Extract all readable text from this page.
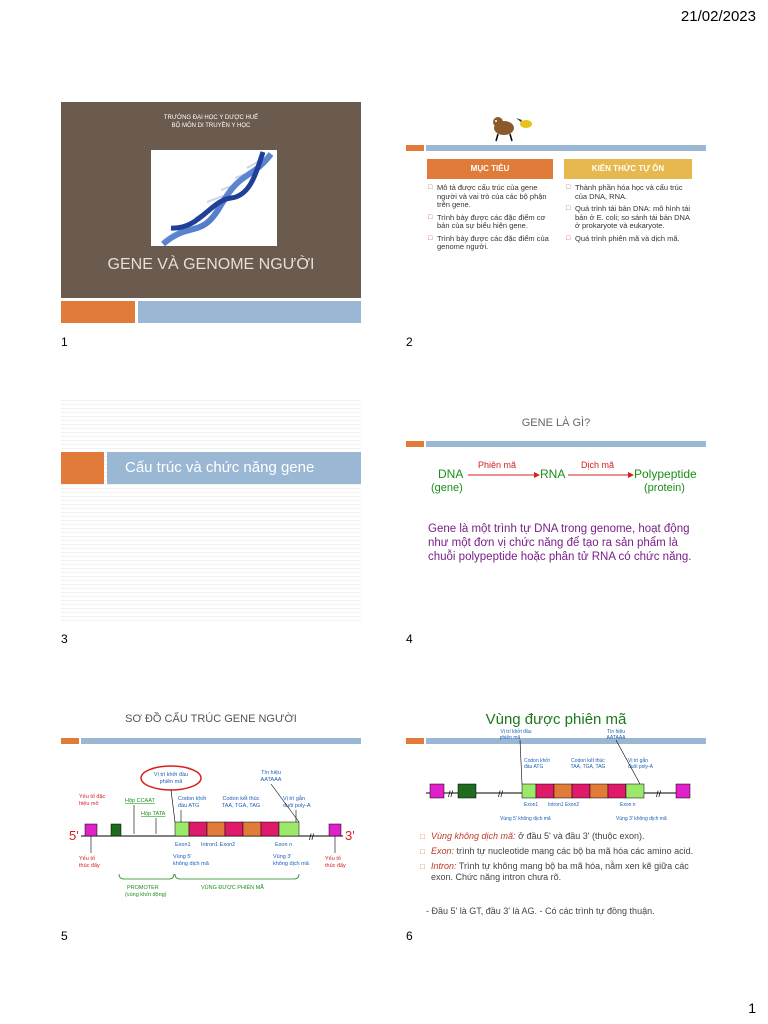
21/02/2023
TRƯỜNG ĐẠI HỌC Y DƯỢC HUẾ
BỘ MÔN DI TRUYỀN Y HỌC
GENE VÀ GENOME NGƯỜI
1
MỤC TIÊU	KIẾN THỨC TỰ ÔN
□ Mô tả được cấu trúc của gene người và vai trò của các bộ phận trên gene.
□ Trình bày được các đặc điểm cơ bản của sự biểu hiện gene.
□ Trình bày được các đặc điểm của genome người.
□ Thành phần hóa học và cấu trúc của DNA, RNA.
□ Quá trình tái bản DNA: mô hình tái bản ở E. coli; so sánh tái bản DNA ở prokaryote và eukaryote.
□ Quá trình phiên mã và dịch mã.
2
Cấu trúc và chức năng gene
3
GENE LÀ GÌ?
DNA
(gene)
Phiên mã
RNA
Dịch mã
Polypeptide
(protein)
Gene là một trình tự DNA trong genome, hoạt động như một đơn vị chức năng để tạo ra sản phẩm là chuỗi polypeptide hoặc phân tử RNA có chức năng.
4
SƠ ĐỒ CẤU TRÚC GENE NGƯỜI
Vị trí khởi đầu
phiên mã
Tín hiệu
AATAAA
Yếu tố đặc
hiệu mô	Hộp CCAAT
Hộp TATA
Codon khởi
đầu ATG
Codon kết thúc
TAA, TGA, TAG
Vị trí gắn
đuôi poly-A
5'	3'
//
Exon1 Intron1 Exon2	Exon n
Vùng 5'
không dịch mã
Vùng 3'
không dịch mã
Yếu tố
thúc đẩy
Yếu tố
thúc đẩy
PROMOTER
(vùng khởi động)
VÙNG ĐƯỢC PHIÊN MÃ
5
Vùng được phiên mã
Vị trí khởi đầu
phiên mã
Tín hiệu
AATAAA
Codon khởi
đầu ATG
Codon kết thúc
TAA, TGA, TAG
Vị trí gắn
đuôi poly-A
//	//	//
Exon1 Intron1 Exon2	Exon n
Vùng 5' không dịch mã	Vùng 3' không dịch mã
□ Vùng không dịch mã: ở đầu 5' và đầu 3' (thuộc exon).
□ Exon: trình tự nucleotide mang các bộ ba mã hóa các amino acid.
□ Intron: Trình tự không mang bộ ba mã hóa, nằm xen kẽ giữa các exon. Chức năng intron chưa rõ.
- Đầu 5' là GT, đầu 3' là AG. - Có các trình tự đồng thuận.
6
1
